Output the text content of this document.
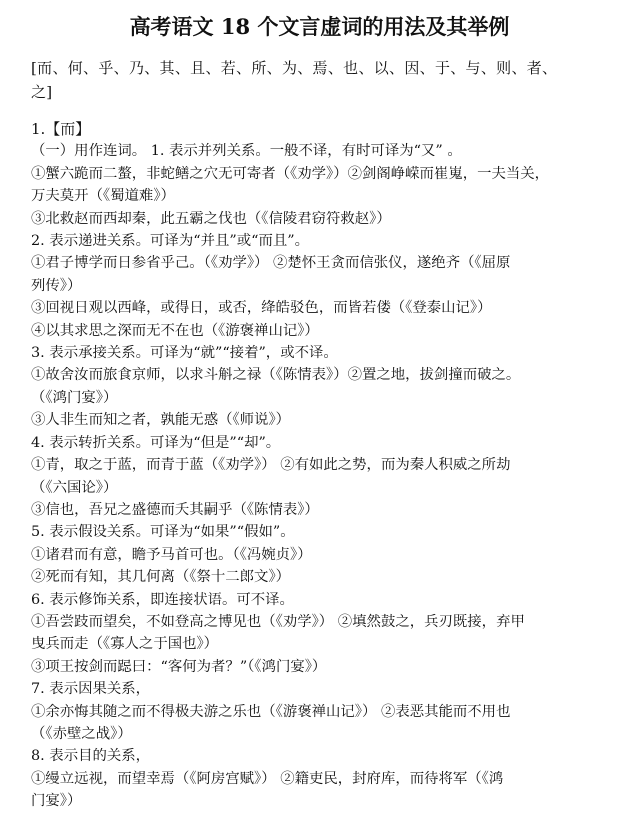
高考语文 18 个文言虚词的用法及其举例
[而、何、乎、乃、其、且、若、所、为、焉、也、以、因、于、与、则、者、
之]
1.【而】
（一）用作连词。 1. 表示并列关系。一般不译，有时可译为“又” 。
①蟹六跪而二螯，非蛇鳝之穴无可寄者（《劝学》）②剑阁峥嵘而崔嵬，一夫当关，
万夫莫开（《蜀道难》）
③北救赵而西却秦，此五霸之伐也（《信陵君窃符救赵》）
2. 表示递进关系。可译为“并且”或“而且”。
①君子博学而日参省乎己。（《劝学》） ②楚怀王贪而信张仪，遂绝齐（《屈原
列传》）
③回视日观以西峰，或得日，或否，绛皓驳色，而皆若偻（《登泰山记》）
④以其求思之深而无不在也（《游褒禅山记》）
3. 表示承接关系。可译为“就”“接着”，或不译。
①故舍汝而旅食京师，以求斗斛之禄（《陈情表》）②置之地，拔剑撞而破之。
（《鸿门宴》）
③人非生而知之者，孰能无惑（《师说》）
4. 表示转折关系。可译为“但是”“却”。
①青，取之于蓝，而青于蓝（《劝学》） ②有如此之势，而为秦人积威之所劫
（《六国论》）
③信也，吾兄之盛德而夭其嗣乎（《陈情表》）
5. 表示假设关系。可译为“如果”“假如”。
①诸君而有意，瞻予马首可也。（《冯婉贞》）
②死而有知，其几何离（《祭十二郎文》）
6. 表示修饰关系，即连接状语。可不译。
①吾尝跂而望矣，不如登高之博见也（《劝学》） ②填然鼓之，兵刃既接，弃甲
曳兵而走（《寡人之于国也》）
③项王按剑而跽曰：“客何为者？”（《鸿门宴》）
7. 表示因果关系，
①余亦悔其随之而不得极夫游之乐也（《游褒禅山记》） ②表恶其能而不用也
（《赤壁之战》）
8. 表示目的关系，
①缦立远视，而望幸焉（《阿房宫赋》） ②籍吏民，封府库，而待将军（《鸿
门宴》）
